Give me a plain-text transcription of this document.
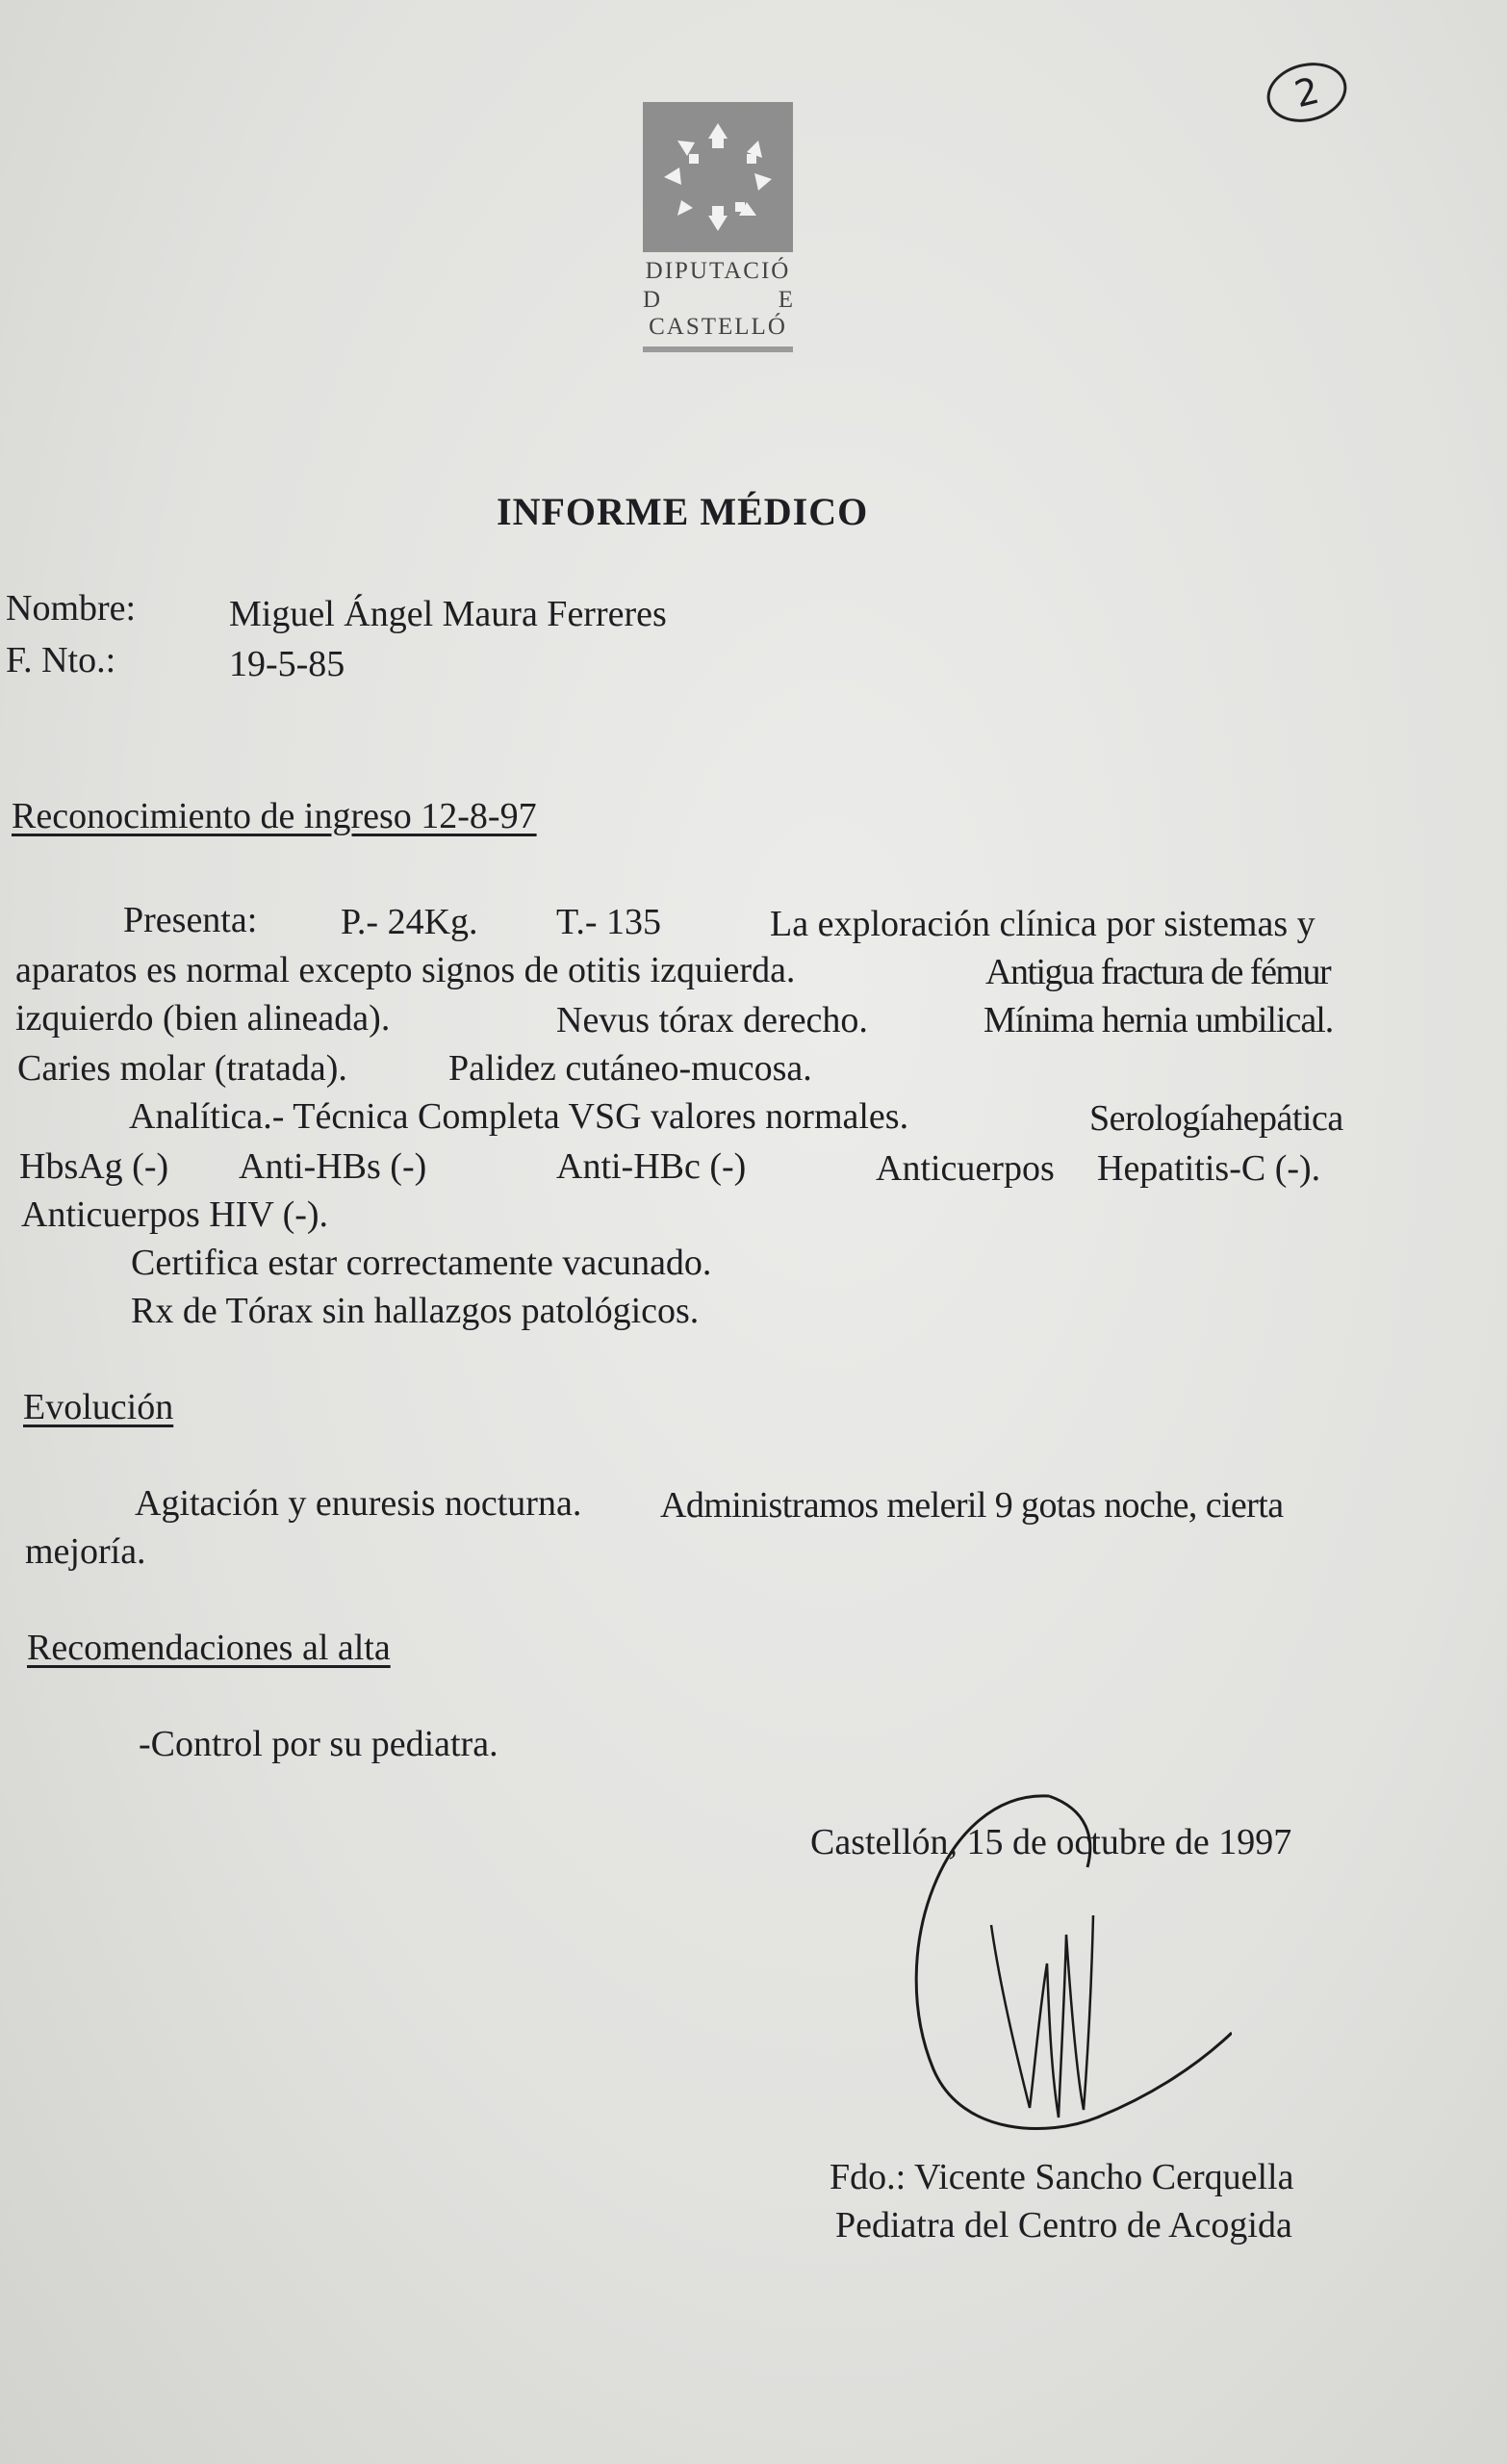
2
DIPUTACIÓ
D	E
CASTELLÓ
INFORME MÉDICO
Nombre:	Miguel Ángel Maura Ferreres
F. Nto.:	19-5-85
Reconocimiento de ingreso 12-8-97
Presenta: P.- 24Kg. T.- 135	La exploración clínica por sistemas y
aparatos es normal excepto signos de otitis izquierda.	Antigua fractura de fémur
izquierdo (bien alineada).	Nevus tórax derecho.	Mínima hernia umbilical.
Caries molar (tratada).	Palidez cutáneo-mucosa.
Analítica.- Técnica Completa VSG valores normales.	Serologíahepática
HbsAg (-) Anti-HBs (-)	Anti-HBc (-)	Anticuerpos Hepatitis-C (-).
Anticuerpos HIV (-).
Certifica estar correctamente vacunado.
Rx de Tórax sin hallazgos patológicos.
Evolución
Agitación y enuresis nocturna. Administramos meleril 9 gotas noche, cierta
mejoría.
Recomendaciones al alta
-Control por su pediatra.
Castellón, 15 de octubre de 1997
Fdo.: Vicente Sancho Cerquella
Pediatra del Centro de Acogida
